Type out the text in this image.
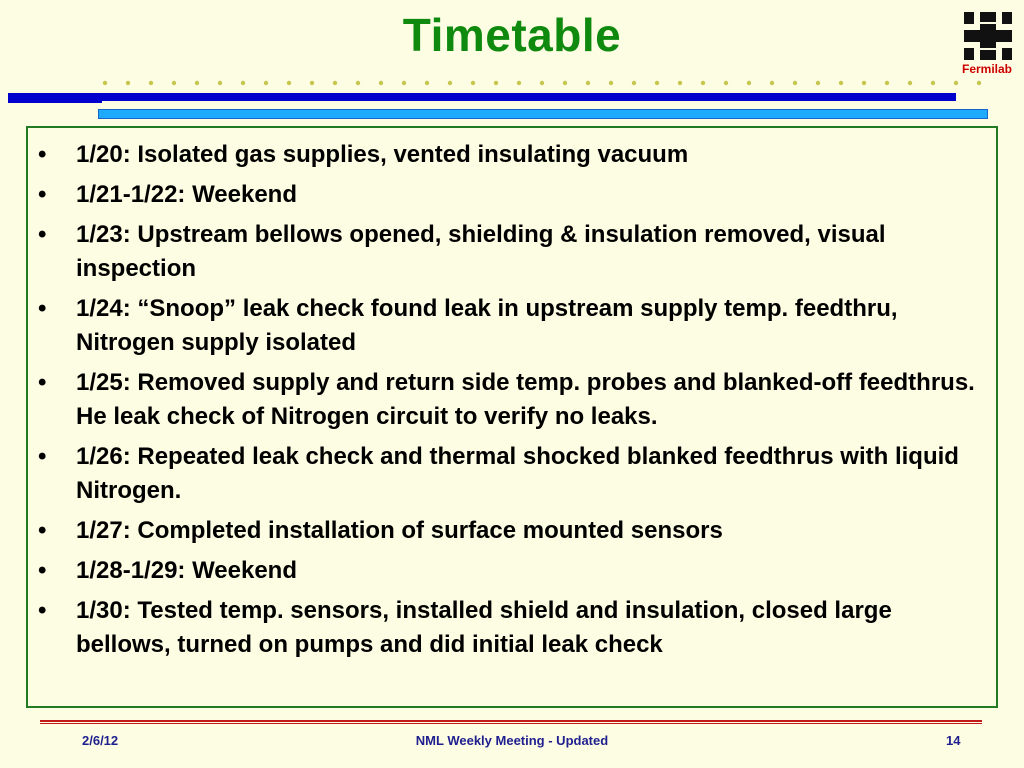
Timetable
Fermilab
• 1/20: Isolated gas supplies, vented insulating vacuum
• 1/21-1/22: Weekend
• 1/23: Upstream bellows opened, shielding & insulation removed, visual inspection
• 1/24: “Snoop” leak check found leak in upstream supply temp. feedthru, Nitrogen supply isolated
• 1/25: Removed supply and return side temp. probes and blanked-off feedthrus. He leak check of Nitrogen circuit to verify no leaks.
• 1/26: Repeated leak check and thermal shocked blanked feedthrus with liquid Nitrogen.
• 1/27: Completed installation of surface mounted sensors
• 1/28-1/29: Weekend
• 1/30: Tested temp. sensors, installed shield and insulation, closed large bellows, turned on pumps and did initial leak check
2/6/12	NML Weekly Meeting - Updated	14
